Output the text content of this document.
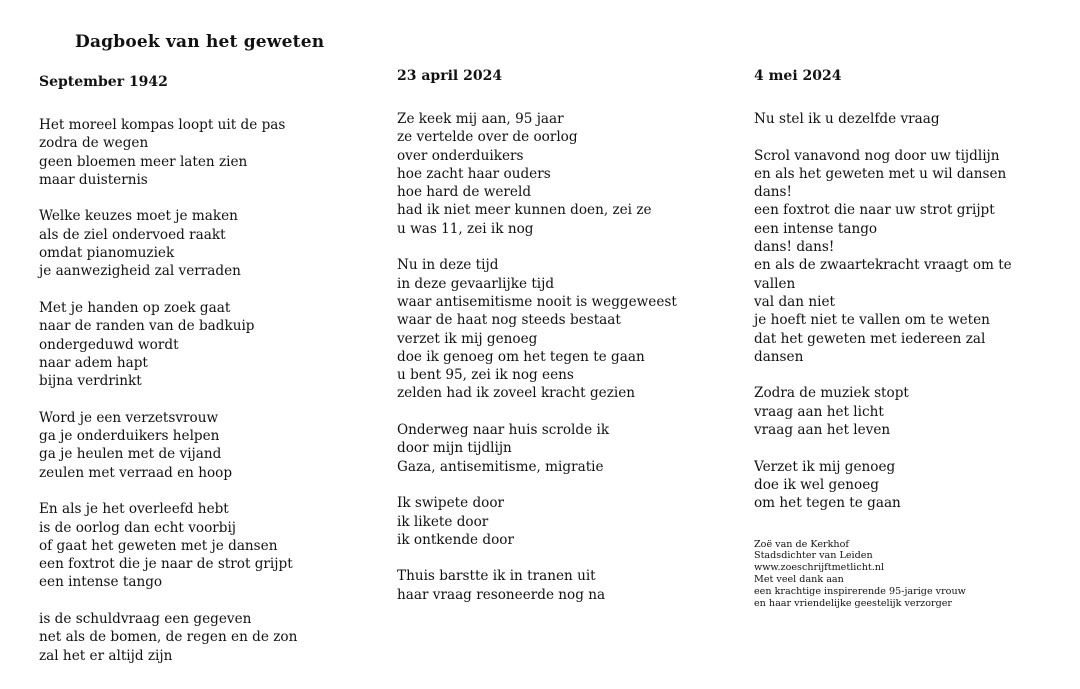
Dagboek van het geweten
September 1942
Het moreel kompas loopt uit de pas
zodra de wegen
geen bloemen meer laten zien
maar duisternis
Welke keuzes moet je maken
als de ziel ondervoed raakt
omdat pianomuziek
je aanwezigheid zal verraden
Met je handen op zoek gaat
naar de randen van de badkuip
ondergeduwd wordt
naar adem hapt
bijna verdrinkt
Word je een verzetsvrouw
ga je onderduikers helpen
ga je heulen met de vijand
zeulen met verraad en hoop
En als je het overleefd hebt
is de oorlog dan echt voorbij
of gaat het geweten met je dansen
een foxtrot die je naar de strot grijpt
een intense tango
is de schuldvraag een gegeven
net als de bomen, de regen en de zon
zal het er altijd zijn
23 april 2024
Ze keek mij aan, 95 jaar
ze vertelde over de oorlog
over onderduikers
hoe zacht haar ouders
hoe hard de wereld
had ik niet meer kunnen doen, zei ze
u was 11, zei ik nog
Nu in deze tijd
in deze gevaarlijke tijd
waar antisemitisme nooit is weggeweest
waar de haat nog steeds bestaat
verzet ik mij genoeg
doe ik genoeg om het tegen te gaan
u bent 95, zei ik nog eens
zelden had ik zoveel kracht gezien
Onderweg naar huis scrolde ik
door mijn tijdlijn
Gaza, antisemitisme, migratie
Ik swipete door
ik likete door
ik ontkende door
Thuis barstte ik in tranen uit
haar vraag resoneerde nog na
4 mei 2024
Nu stel ik u dezelfde vraag
Scrol vanavond nog door uw tijdlijn
en als het geweten met u wil dansen
dans!
een foxtrot die naar uw strot grijpt
een intense tango
dans! dans!
en als de zwaartekracht vraagt om te
vallen
val dan niet
je hoeft niet te vallen om te weten
dat het geweten met iedereen zal
dansen
Zodra de muziek stopt
vraag aan het licht
vraag aan het leven
Verzet ik mij genoeg
doe ik wel genoeg
om het tegen te gaan
Zoë van de Kerkhof
Stadsdichter van Leiden
www.zoeschrijftmetlicht.nl
Met veel dank aan
een krachtige inspirerende 95-jarige vrouw
en haar vriendelijke geestelijk verzorger
